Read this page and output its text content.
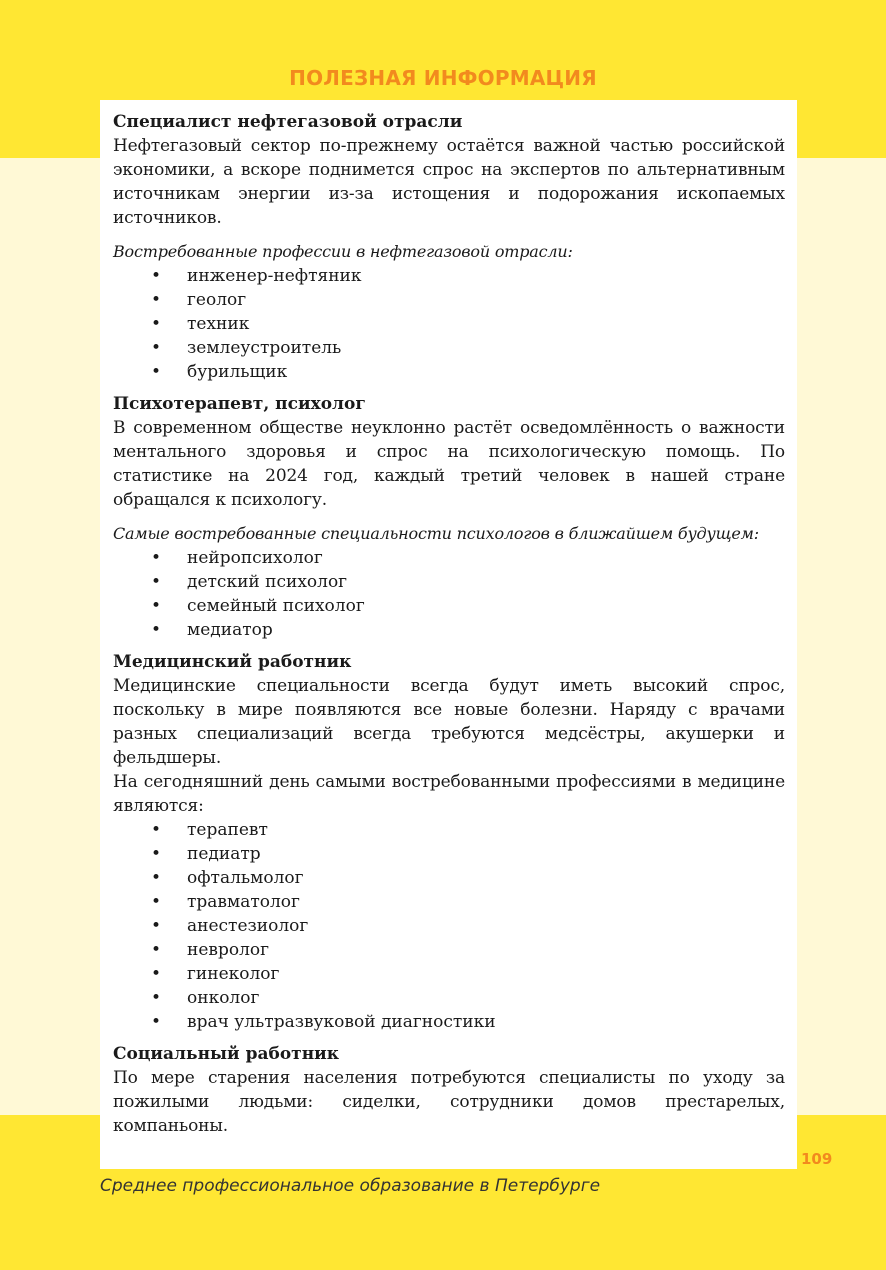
ПОЛЕЗНАЯ ИНФОРМАЦИЯ

Специалист нефтегазовой отрасли

Нефтегазовый сектор по-прежнему остаётся важной частью российской экономики, а вскоре поднимется спрос на экспертов по альтернативным источникам энергии из-за истощения и подорожания ископаемых источников.

Востребованные профессии в нефтегазовой отрасли:

• инженер-нефтяник
• геолог
• техник
• землеустроитель
• бурильщик

Психотерапевт, психолог

В современном обществе неуклонно растёт осведомлённость о важности ментального здоровья и спрос на психологическую помощь. По статистике на 2024 год, каждый третий человек в нашей стране обращался к психологу.

Самые востребованные специальности психологов в ближайшем будущем:

• нейропсихолог
• детский психолог
• семейный психолог
• медиатор

Медицинский работник

Медицинские специальности всегда будут иметь высокий спрос, поскольку в мире появляются все новые болезни. Наряду с врачами разных специализаций всегда требуются медсёстры, акушерки и фельдшеры.

На сегодняшний день самыми востребованными профессиями в медицине являются:

• терапевт
• педиатр
• офтальмолог
• травматолог
• анестезиолог
• невролог
• гинеколог
• онколог
• врач ультразвуковой диагностики

Социальный работник

По мере старения населения потребуются специалисты по уходу за пожилыми людьми: сиделки, сотрудники домов престарелых, компаньоны.

109
Среднее профессиональное образование в Петербурге
